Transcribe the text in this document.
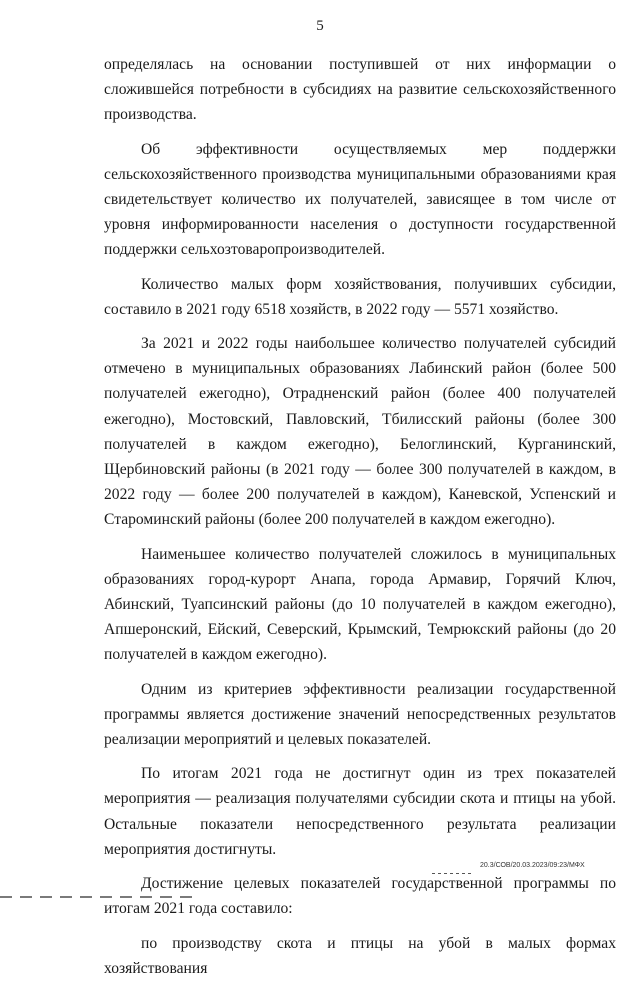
5

определялась на основании поступившей от них информации о сложившейся потребности в субсидиях на развитие сельскохозяйственного производства.

Об эффективности осуществляемых мер поддержки сельскохозяйственного производства муниципальными образованиями края свидетельствует количество их получателей, зависящее в том числе от уровня информированности населения о доступности государственной поддержки сельхозтоваропроизводителей.

Количество малых форм хозяйствования, получивших субсидии, составило в 2021 году 6518 хозяйств, в 2022 году — 5571 хозяйство.

За 2021 и 2022 годы наибольшее количество получателей субсидий отмечено в муниципальных образованиях Лабинский район (более 500 получателей ежегодно), Отрадненский район (более 400 получателей ежегодно), Мостовский, Павловский, Тбилисский районы (более 300 получателей в каждом ежегодно), Белоглинский, Курганинский, Щербиновский районы (в 2021 году — более 300 получателей в каждом, в 2022 году — более 200 получателей в каждом), Каневской, Успенский и Староминский районы (более 200 получателей в каждом ежегодно).

Наименьшее количество получателей сложилось в муниципальных образованиях город-курорт Анапа, города Армавир, Горячий Ключ, Абинский, Туапсинский районы (до 10 получателей в каждом ежегодно), Апшеронский, Ейский, Северский, Крымский, Темрюкский районы (до 20 получателей в каждом ежегодно).

Одним из критериев эффективности реализации государственной программы является достижение значений непосредственных результатов реализации мероприятий и целевых показателей.

По итогам 2021 года не достигнут один из трех показателей мероприятия — реализация получателями субсидии скота и птицы на убой. Остальные показатели непосредственного результата реализации мероприятия достигнуты.

Достижение целевых показателей государственной программы по итогам 2021 года составило:

по производству скота и птицы на убой в малых формах хозяйствования

20.3/СОВ/20.03.2023/09:23/МФХ
